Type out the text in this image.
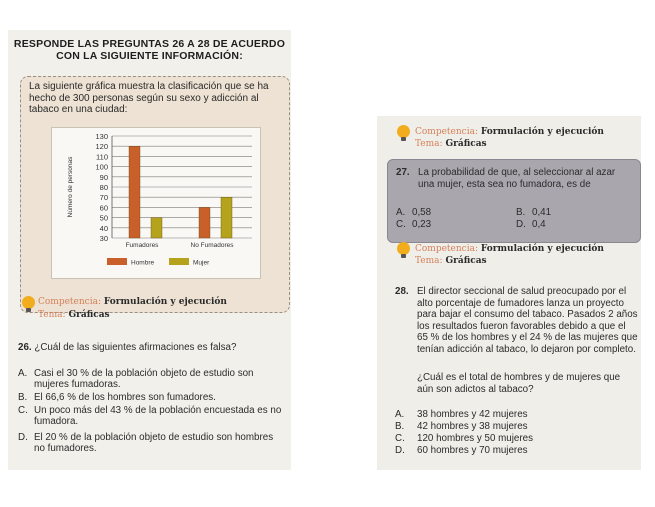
RESPONDE LAS PREGUNTAS 26 A 28 DE ACUERDO
CON LA SIGUIENTE INFORMACIÓN:
La siguiente gráfica muestra la clasificación que se ha hecho de 300 personas según su sexo y adicción al tabaco en una ciudad:
30
40
50
60
70
80
90
100
110
120
130
Número de personas
Fumadores	No Fumadores
Hombre	Mujer
Competencia: Formulación y ejecución
Tema: Gráficas
26. ¿Cuál de las siguientes afirmaciones es falsa?
A. Casi el 30 % de la población objeto de estudio son mujeres fumadoras.
B. El 66,6 % de los hombres son fumadores.
C. Un poco más del 43 % de la población encuestada es no fumadora.
D. El 20 % de la población objeto de estudio son hombres no fumadores.
Competencia: Formulación y ejecución
Tema: Gráficas
27. La probabilidad de que, al seleccionar al azar una mujer, esta sea no fumadora, es de
A. 0,58	B. 0,41
C. 0,23	D. 0,4
Competencia: Formulación y ejecución
Tema: Gráficas
28. El director seccional de salud preocupado por el alto porcentaje de fumadores lanza un proyecto para bajar el consumo del tabaco. Pasados 2 años los resultados fueron favorables debido a que el 65 % de los hombres y el 24 % de las mujeres que tenían adicción al tabaco, lo dejaron por completo.
¿Cuál es el total de hombres y de mujeres que aún son adictos al tabaco?
A. 38 hombres y 42 mujeres
B. 42 hombres y 38 mujeres
C. 120 hombres y 50 mujeres
D. 60 hombres y 70 mujeres
